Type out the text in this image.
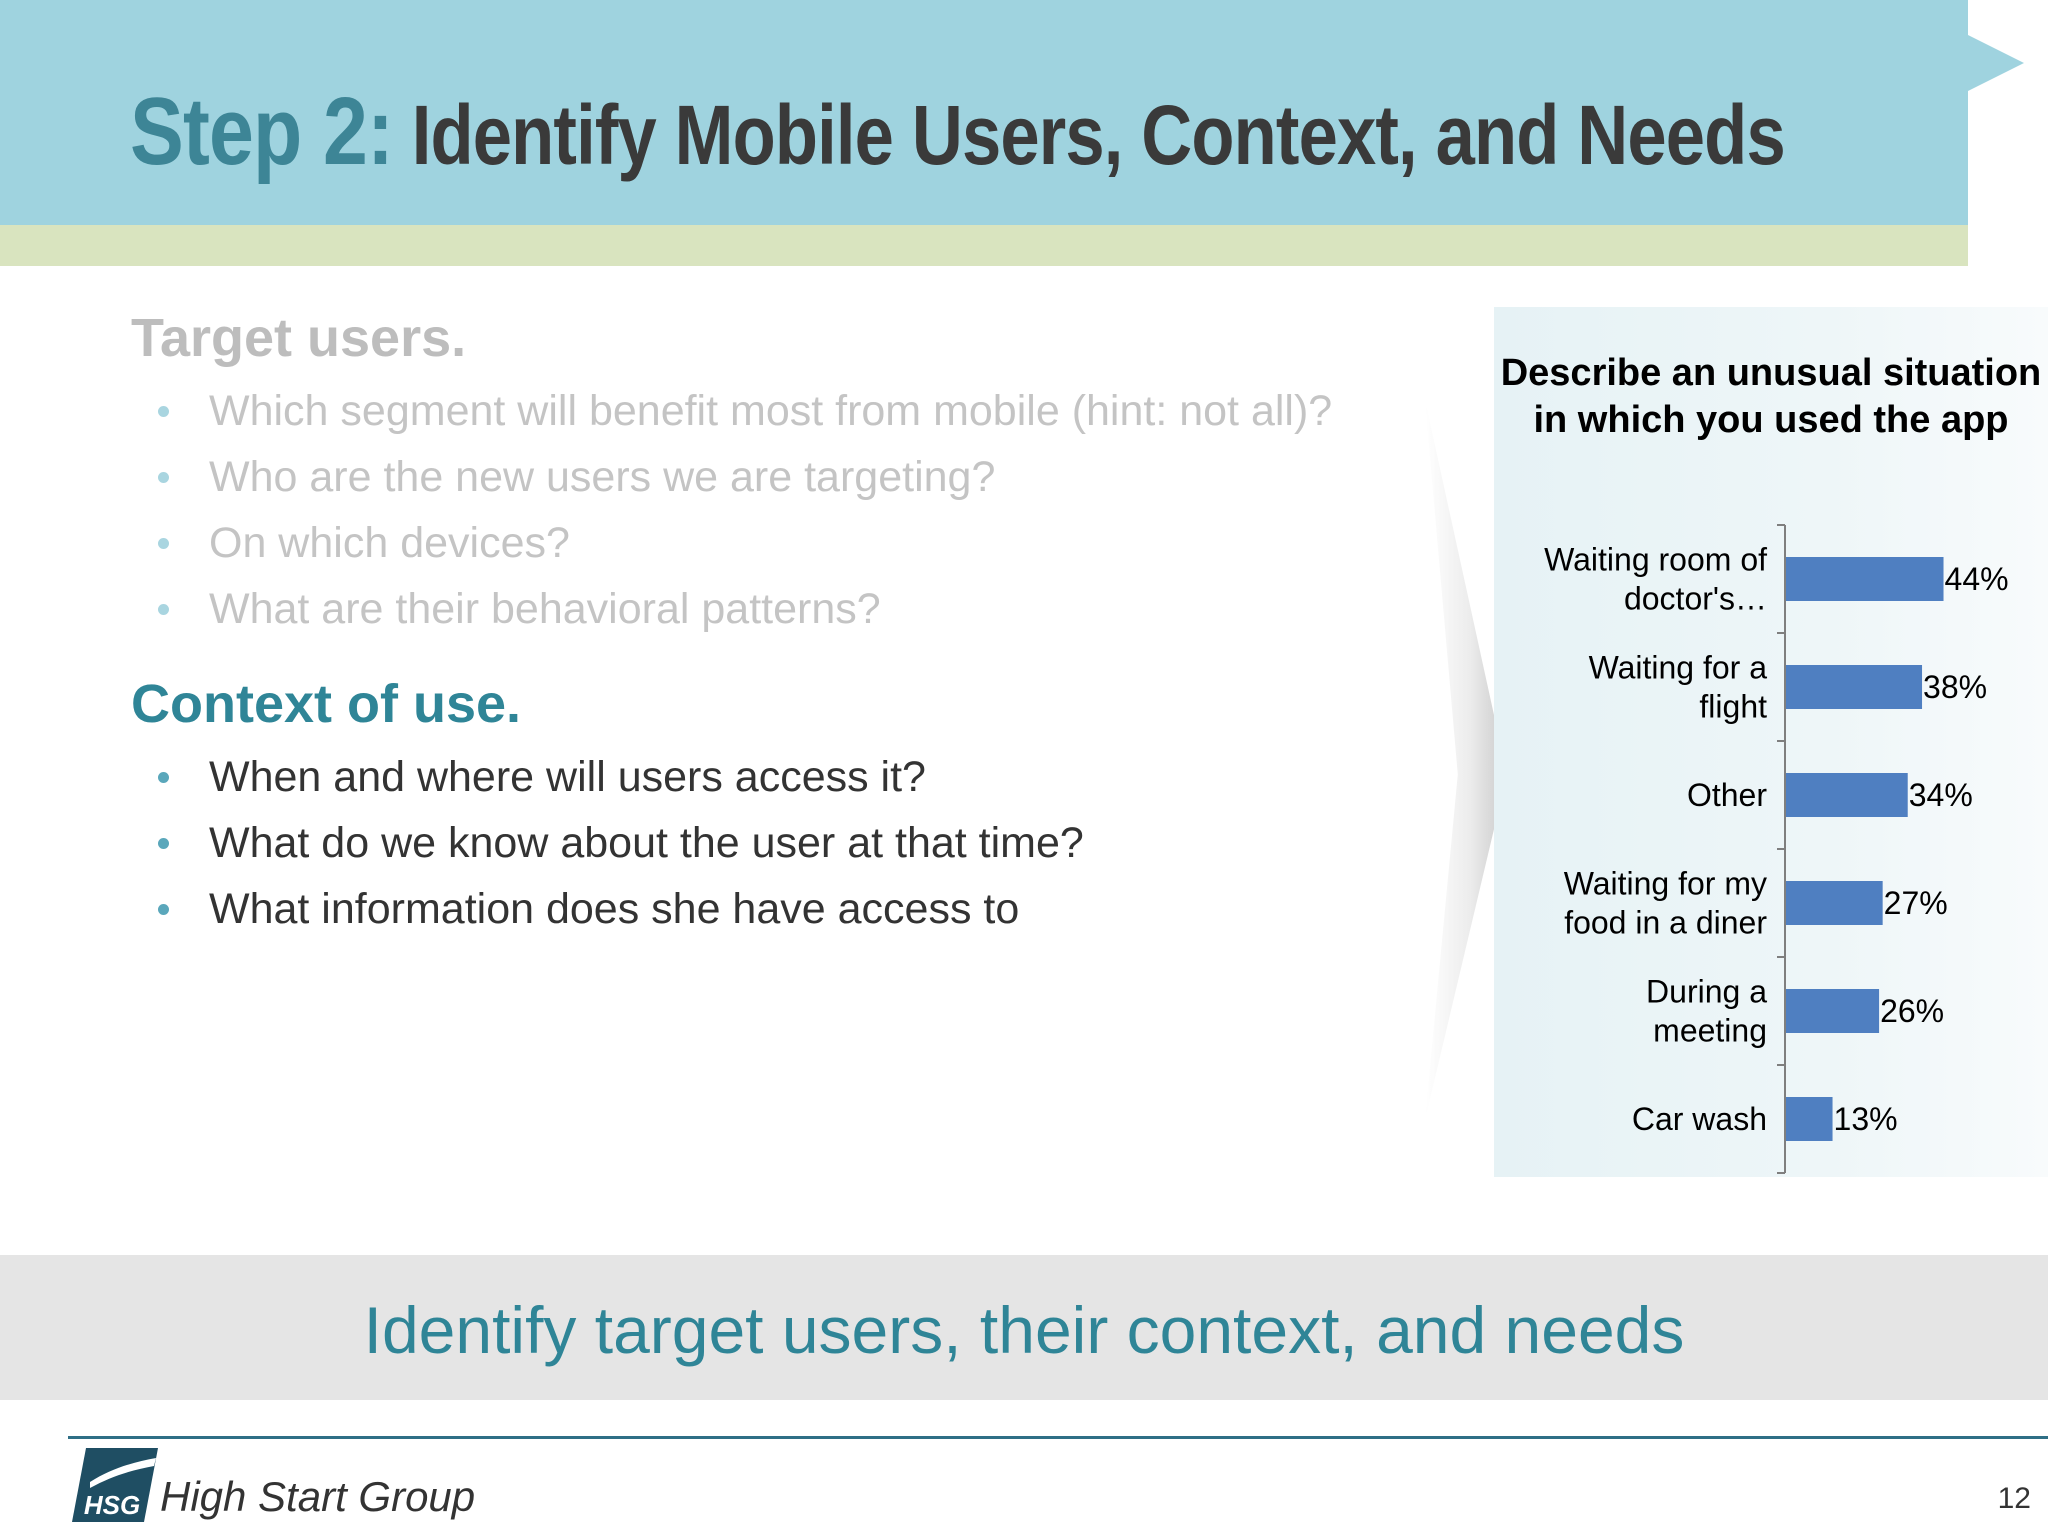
Step 2: Identify Mobile Users, Context, and Needs
Target users.
Which segment will benefit most from mobile (hint: not all)?
Who are the new users we are targeting?
On which devices?
What are their behavioral patterns?
Context of use.
When and where will users access it?
What do we know about the user at that time?
What information does she have access to
Describe an unusual situation in which you used the app
44%
Waiting room of doctor's…
38%
Waiting for a flight
34%
Other
27%
Waiting for my food in a diner
26%
During a meeting
13%
Car wash

Identify target users, their context, and needs

HSG High Start Group	12
